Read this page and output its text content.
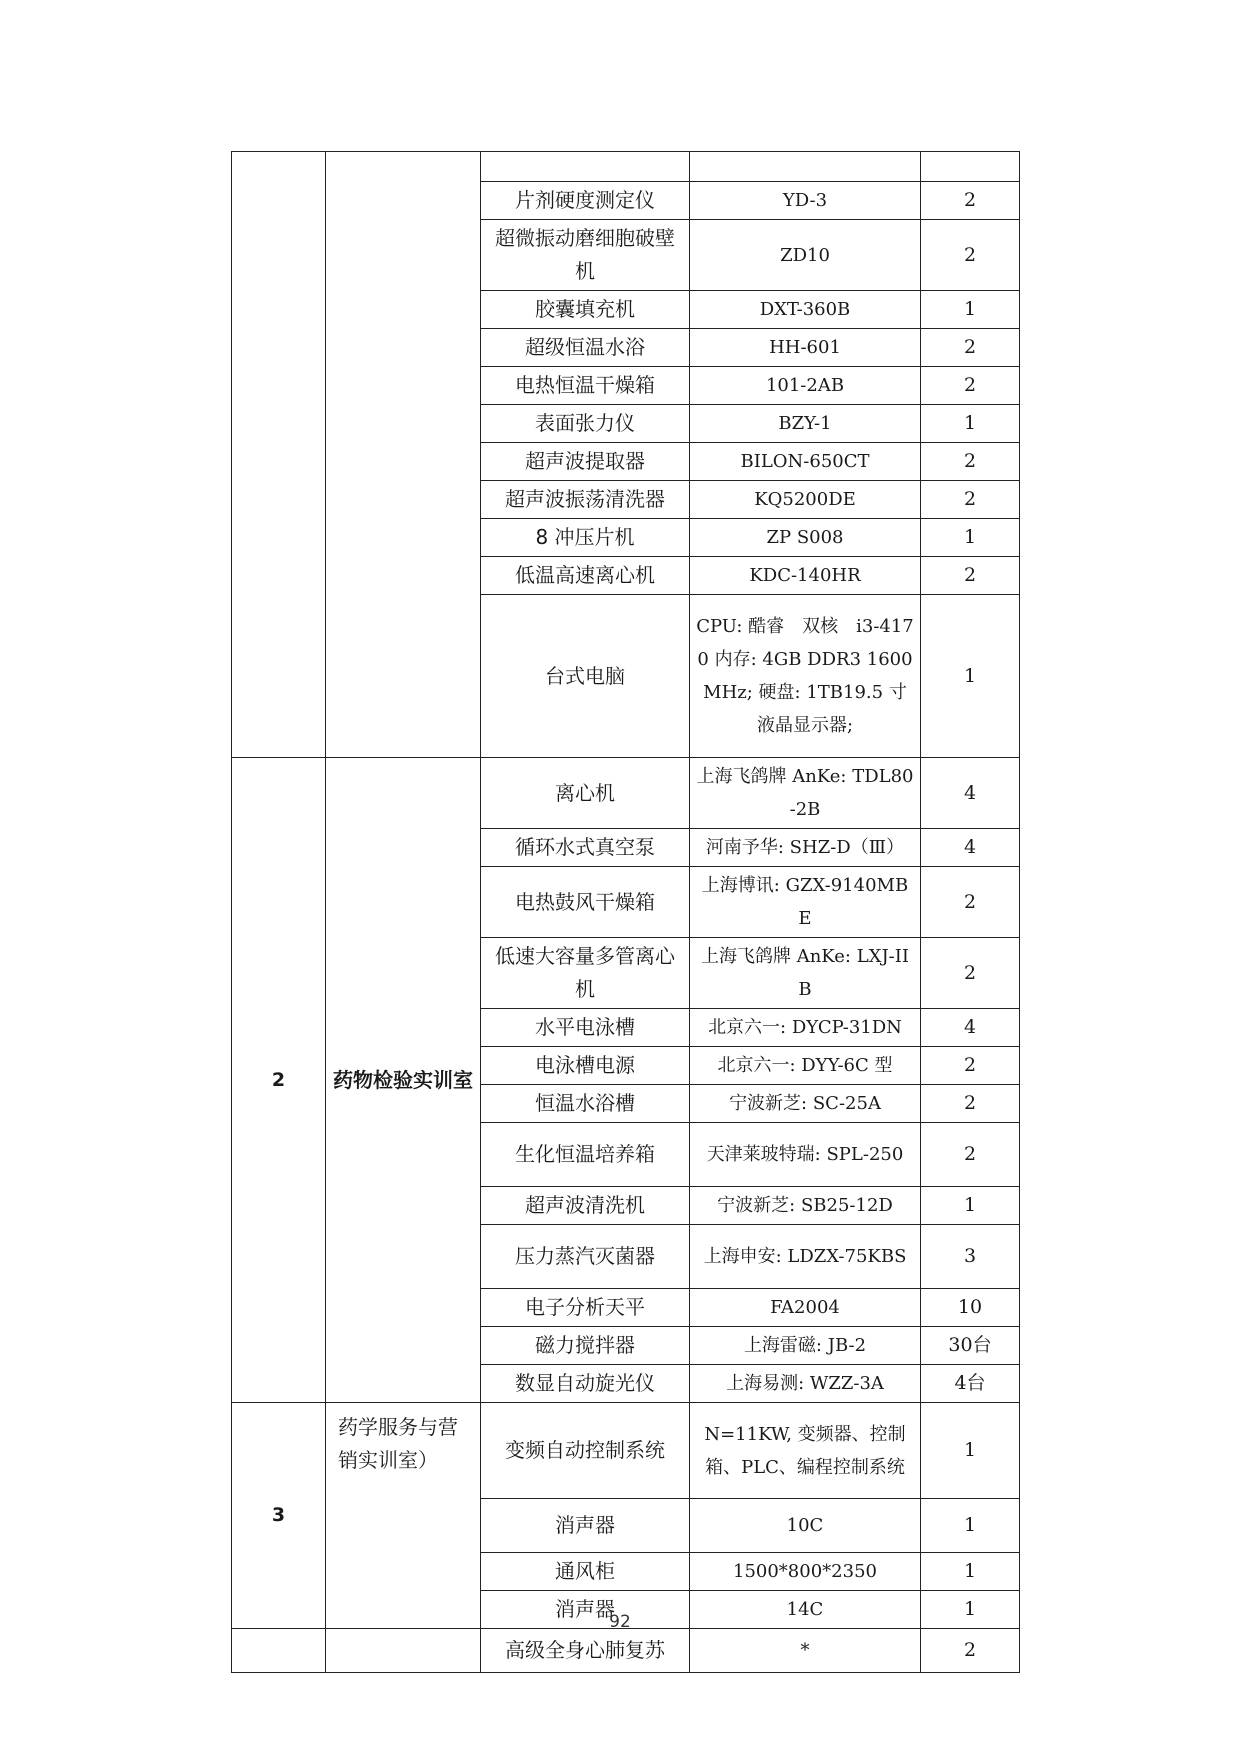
		片剂硬度测定仪	YD-3	2
		超微振动磨细胞破壁机	ZD10	2
		胶囊填充机	DXT-360B	1
		超级恒温水浴	HH-601	2
		电热恒温干燥箱	101-2AB	2
		表面张力仪	BZY-1	1
		超声波提取器	BILON-650CT	2
		超声波振荡清洗器	KQ5200DE	2
		8 冲压片机	ZP S008	1
		低温高速离心机	KDC-140HR	2
		台式电脑	CPU: 酷睿　双核　i3-4170 内存: 4GB DDR3 1600 MHz; 硬盘: 1TB19.5 寸液晶显示器;	1
2	药物检验实训室	离心机	上海飞鸽牌 AnKe: TDL80-2B	4
		循环水式真空泵	河南予华: SHZ-D（Ⅲ）	4
		电热鼓风干燥箱	上海博讯: GZX-9140MBE	2
		低速大容量多管离心机	上海飞鸽牌 AnKe: LXJ-IIB	2
		水平电泳槽	北京六一: DYCP-31DN	4
		电泳槽电源	北京六一: DYY-6C 型	2
		恒温水浴槽	宁波新芝: SC-25A	2
		生化恒温培养箱	天津莱玻特瑞: SPL-250	2
		超声波清洗机	宁波新芝: SB25-12D	1
		压力蒸汽灭菌器	上海申安: LDZX-75KBS	3
		电子分析天平	FA2004	10
		磁力搅拌器	上海雷磁: JB-2	30台
		数显自动旋光仪	上海易测: WZZ-3A	4台
3	药学服务与营销实训室）	变频自动控制系统	N=11KW, 变频器、控制箱、PLC、编程控制系统	1
		消声器	10C	1
		通风柜	1500*800*2350	1
		消声器	14C	1
		高级全身心肺复苏	*	2
92
